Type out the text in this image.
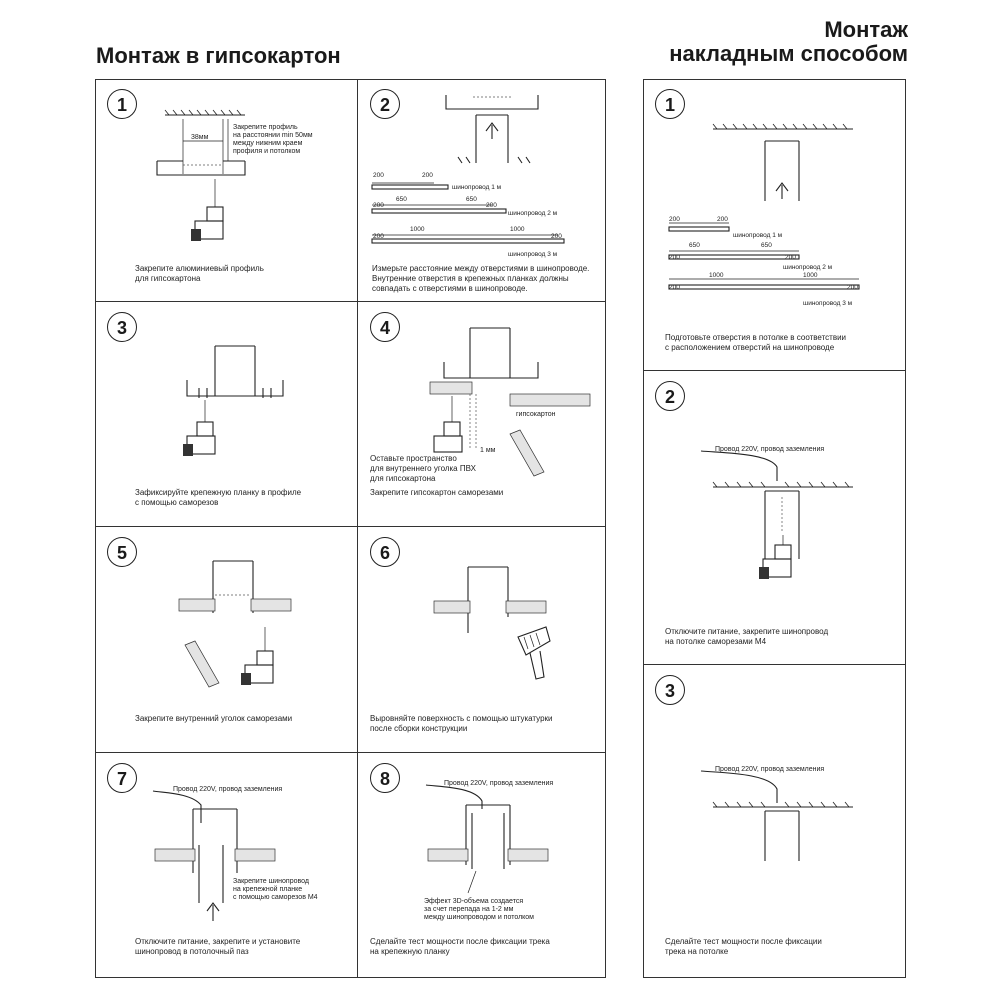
Монтаж в гипсокартон
Монтаж
накладным способом
1
38мм
Закрепите профиль
на расстоянии min 50мм
между нижним краем
профиля и потолком
Закрепите алюминиевый профиль
для гипсокартона
2
200	200
шинопровод 1 м
200
650	650
200
шинопровод 2 м
200
1000	1000
200
шинопровод 3 м
Измерьте расстояние между отверстиями в шинопроводе.
Внутренние отверстия в крепежных планках должны
совпадать с отверстиями в шинопроводе.
3
Зафиксируйте крепежную планку в профиле
с помощью саморезов
4
гипсокартон
1 мм
Оставьте пространство
для внутреннего уголка ПВХ
для гипсокартона
Закрепите гипсокартон саморезами
5
Закрепите внутренний уголок саморезами
6
Выровняйте поверхность с помощью штукатурки
после сборки конструкции
7
Провод 220V, провод заземления
Закрепите шинопровод
на крепежной планке
с помощью саморезов М4
Отключите питание, закрепите и установите
шинопровод в потолочный паз
8	Провод 220V, провод заземления
Эффект 3D-объема создается
за счет перепада на 1-2 мм
между шинопроводом и потолком
Сделайте тест мощности после фиксации трека
на крепежную планку
1
200	200
шинопровод 1 м
200
650	650
200
шинопровод 2 м
200
1000	1000
200
шинопровод 3 м
Подготовьте отверстия в потолке в соответствии
с расположением отверстий на шинопроводе
2
Провод 220V, провод заземления
Отключите питание, закрепите шинопровод
на потолке саморезами М4
3
Провод 220V, провод заземления
Сделайте тест мощности после фиксации
трека на потолке
